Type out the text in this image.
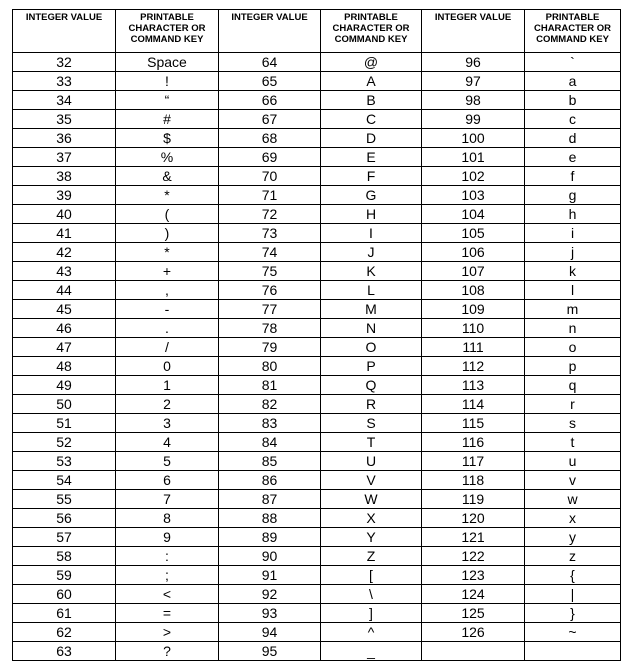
INTEGER VALUE	PRINTABLE CHARACTER OR COMMAND KEY	INTEGER VALUE	PRINTABLE CHARACTER OR COMMAND KEY	INTEGER VALUE	PRINTABLE CHARACTER OR COMMAND KEY
32	Space	64	@	96	`
33	!	65	A	97	a
34	“	66	B	98	b
35	#	67	C	99	c
36	$	68	D	100	d
37	%	69	E	101	e
38	&	70	F	102	f
39	*	71	G	103	g
40	(	72	H	104	h
41	)	73	I	105	i
42	*	74	J	106	j
43	+	75	K	107	k
44	,	76	L	108	l
45	-	77	M	109	m
46	.	78	N	110	n
47	/	79	O	111	o
48	0	80	P	112	p
49	1	81	Q	113	q
50	2	82	R	114	r
51	3	83	S	115	s
52	4	84	T	116	t
53	5	85	U	117	u
54	6	86	V	118	v
55	7	87	W	119	w
56	8	88	X	120	x
57	9	89	Y	121	y
58	:	90	Z	122	z
59	;	91	[	123	{
60	<	92	\	124	|
61	=	93	]	125	}
62	>	94	^	126	~
63	?	95	_		
